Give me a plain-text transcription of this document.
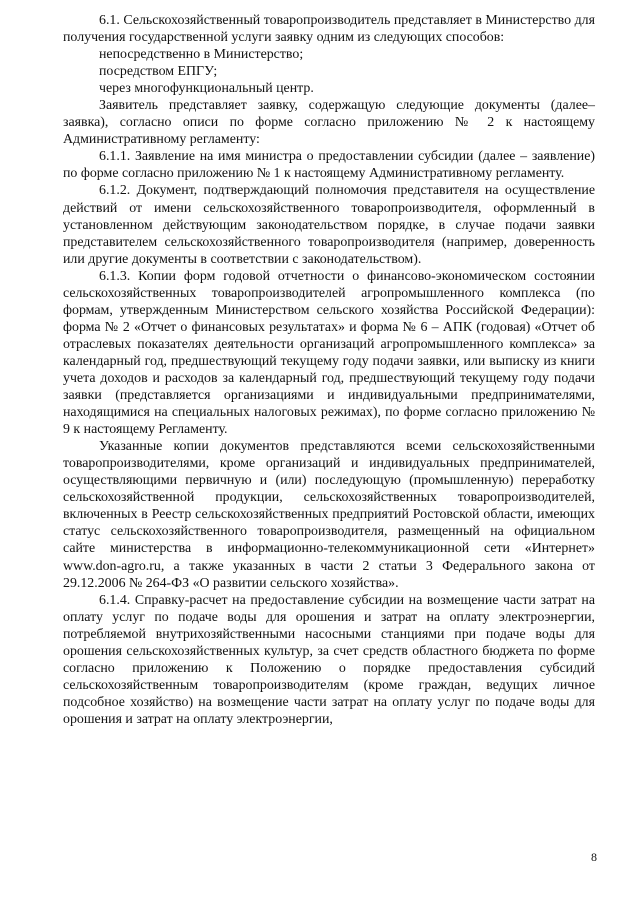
6.1. Сельскохозяйственный товаропроизводитель представляет в Министерство для получения государственной услуги заявку одним из следующих способов:

непосредственно в Министерство;

посредством ЕПГУ;

через многофункциональный центр.

Заявитель представляет заявку, содержащую следующие документы (далее– заявка), согласно описи по форме согласно приложению № 2 к настоящему Административному регламенту:

6.1.1. Заявление на имя министра о предоставлении субсидии (далее – заявление) по форме согласно приложению № 1 к настоящему Административному регламенту.

6.1.2. Документ, подтверждающий полномочия представителя на осуществление действий от имени сельскохозяйственного товаропроизводителя, оформленный в установленном действующим законодательством порядке, в случае подачи заявки представителем сельскохозяйственного товаропроизводителя (например, доверенность или другие документы в соответствии с законодательством).

6.1.3. Копии форм годовой отчетности о финансово-экономическом состоянии сельскохозяйственных товаропроизводителей агропромышленного комплекса (по формам, утвержденным Министерством сельского хозяйства Российской Федерации): форма № 2 «Отчет о финансовых результатах» и форма № 6 – АПК (годовая) «Отчет об отраслевых показателях деятельности организаций агропромышленного комплекса» за календарный год, предшествующий текущему году подачи заявки, или выписку из книги учета доходов и расходов за календарный год, предшествующий текущему году подачи заявки (представляется организациями и индивидуальными предпринимателями, находящимися на специальных налоговых режимах), по форме согласно приложению № 9 к настоящему Регламенту.

Указанные копии документов представляются всеми сельскохозяйственными товаропроизводителями, кроме организаций и индивидуальных предпринимателей, осуществляющими первичную и (или) последующую (промышленную) переработку сельскохозяйственной продукции, сельскохозяйственных товаропроизводителей, включенных в Реестр сельскохозяйственных предприятий Ростовской области, имеющих статус сельскохозяйственного товаропроизводителя, размещенный на официальном сайте министерства в информационно-телекоммуникационной сети «Интернет» www.don-agro.ru, а также указанных в части 2 статьи 3 Федерального закона от 29.12.2006 № 264-ФЗ «О развитии сельского хозяйства».

6.1.4. Справку-расчет на предоставление субсидии на возмещение части затрат на оплату услуг по подаче воды для орошения и затрат на оплату электроэнергии, потребляемой внутрихозяйственными насосными станциями при подаче воды для орошения сельскохозяйственных культур, за счет средств областного бюджета по форме согласно приложению к Положению о порядке предоставления субсидий сельскохозяйственным товаропроизводителям (кроме граждан, ведущих личное подсобное хозяйство) на возмещение части затрат на оплату услуг по подаче воды для орошения и затрат на оплату электроэнергии,

8
